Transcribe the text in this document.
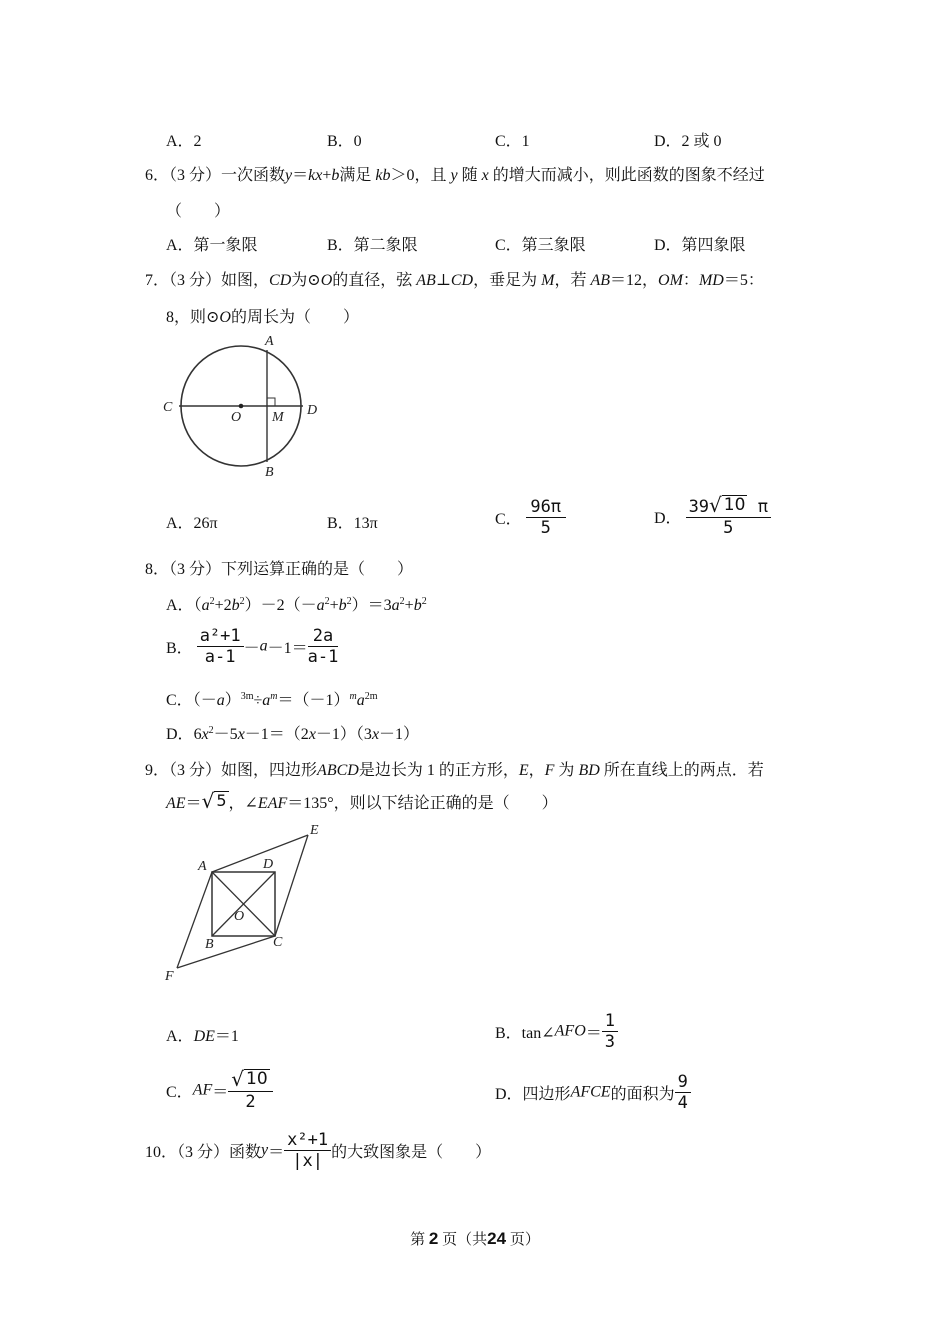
A．2	B．0	C．1	D．2 或 0
6．（3 分）一次函数y＝kx+b满足 kb＞0，且 y 随 x 的增大而减小，则此函数的图象不经过
（　　）
A．第一象限	B．第二象限	C．第三象限	D．第四象限
7．（3 分）如图，CD为⊙O的直径，弦 AB⊥CD，垂足为 M，若 AB＝12，OM：MD＝5：
8，则⊙O的周长为（　　）
A
B
C	D
O M
A．26π	B．13π	C． $\frac{96\pi}{5}$	D． $\frac{39 √ 10 \pi}{5}$
8．（3 分）下列运算正确的是（　　）
A．$(a^2+2b^2)-2(-a^2+b^2)=3a^2+b^2$
B． $\frac{\text{a²+1}}{a-1} -a-1= \frac{2a}{a-1}$
C．$(-a)^{3m}\div a^m=(-1)^ma^{2m}$
D．$6x^2-5x-1=(2x-1)(3x-1)$
9．（3 分）如图，四边形ABCD是边长为 1 的正方形，E，F 为 BD 所在直线上的两点．若
AE＝ √ 5 ，∠EAF＝135°，则以下结论正确的是（　　）
A	D
E
O
B	C
F
A．DE＝1	B．tan∠AFO＝ $\frac{1}{3}$
C．$AF= \frac{√ 10}{2}$	D．四边形AFCE的面积为 $\frac{9}{4}$
10．（3 分）函数$y= \frac{\text{x²+1}}{|x|}$ 的大致图象是（　　）
第 2 页（共24 页）
